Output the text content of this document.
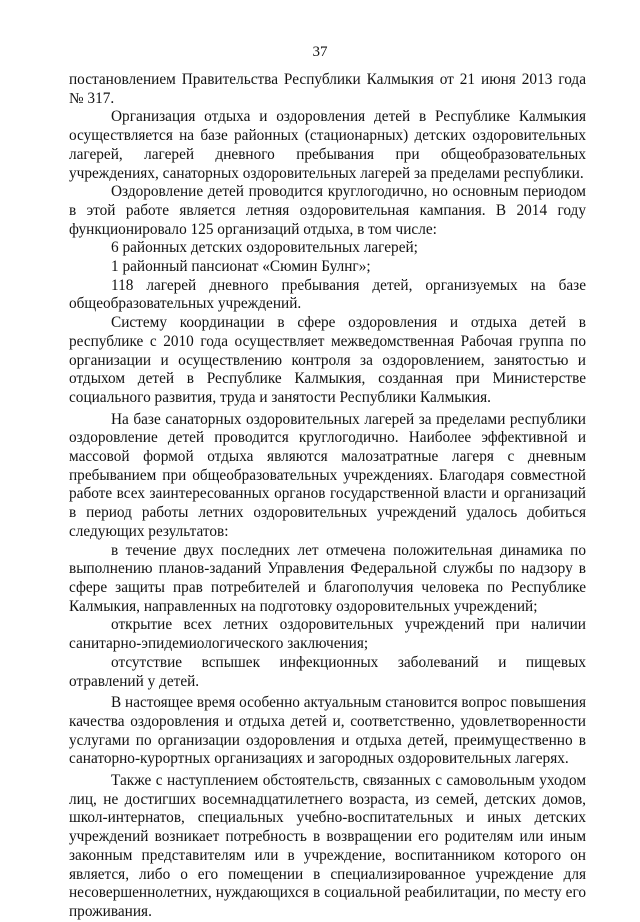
37

постановлением Правительства Республики Калмыкия от 21 июня 2013 года № 317.

Организация отдыха и оздоровления детей в Республике Калмыкия осуществляется на базе районных (стационарных) детских оздоровительных лагерей, лагерей дневного пребывания при общеобразовательных учреждениях, санаторных оздоровительных лагерей за пределами республики.

Оздоровление детей проводится круглогодично, но основным периодом в этой работе является летняя оздоровительная кампания. В 2014 году функционировало 125 организаций отдыха, в том числе:

6 районных детских оздоровительных лагерей;

1 районный пансионат «Сюмин Булнг»;

118 лагерей дневного пребывания детей, организуемых на базе общеобразовательных учреждений.

Систему координации в сфере оздоровления и отдыха детей в республике с 2010 года осуществляет межведомственная Рабочая группа по организации и осуществлению контроля за оздоровлением, занятостью и отдыхом детей в Республике Калмыкия, созданная при Министерстве социального развития, труда и занятости Республики Калмыкия.

На базе санаторных оздоровительных лагерей за пределами республики оздоровление детей проводится круглогодично. Наиболее эффективной и массовой формой отдыха являются малозатратные лагеря с дневным пребыванием при общеобразовательных учреждениях. Благодаря совместной работе всех заинтересованных органов государственной власти и организаций в период работы летних оздоровительных учреждений удалось добиться следующих результатов:

в течение двух последних лет отмечена положительная динамика по выполнению планов-заданий Управления Федеральной службы по надзору в сфере защиты прав потребителей и благополучия человека по Республике Калмыкия, направленных на подготовку оздоровительных учреждений;

открытие всех летних оздоровительных учреждений при наличии санитарно-эпидемиологического заключения;

отсутствие вспышек инфекционных заболеваний и пищевых отравлений у детей.

В настоящее время особенно актуальным становится вопрос повышения качества оздоровления и отдыха детей и, соответственно, удовлетворенности услугами по организации оздоровления и отдыха детей, преимущественно в санаторно-курортных организациях и загородных оздоровительных лагерях.

Также с наступлением обстоятельств, связанных с самовольным уходом лиц, не достигших восемнадцатилетнего возраста, из семей, детских домов, школ-интернатов, специальных учебно-воспитательных и иных детских учреждений возникает потребность в возвращении его родителям или иным законным представителям или в учреждение, воспитанником которого он является, либо о его помещении в специализированное учреждение для несовершеннолетних, нуждающихся в социальной реабилитации, по месту его проживания.
